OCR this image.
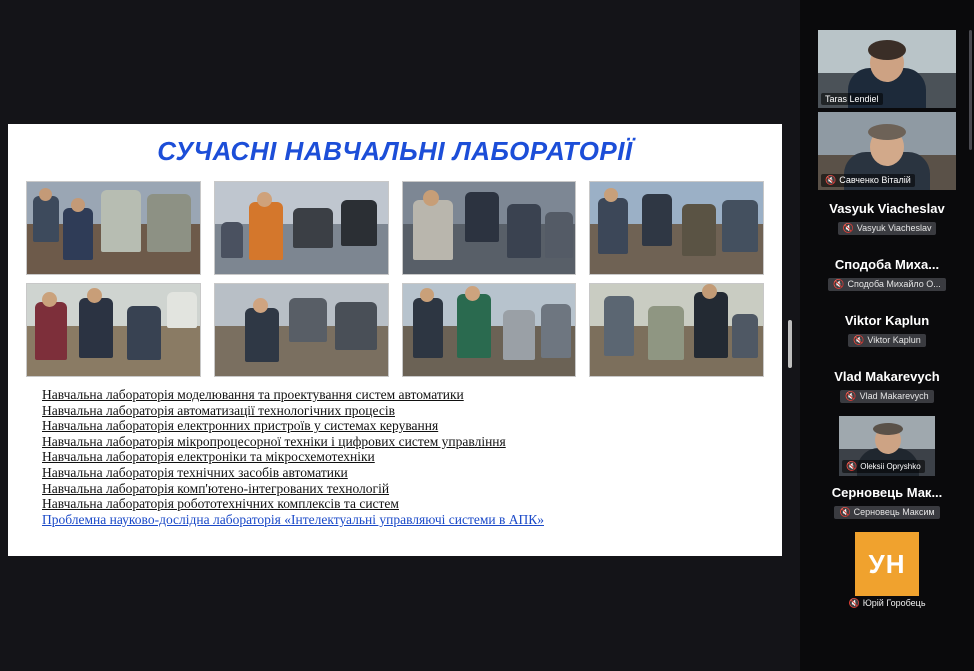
СУЧАСНІ НАВЧАЛЬНІ ЛАБОРАТОРІЇ
Навчальна лабораторія моделювання та проектування систем автоматики
Навчальна лабораторія автоматизації технологічних процесів
Навчальна лабораторія електронних пристроїв у системах керування
Навчальна лабораторія мікропроцесорної техніки і цифрових систем управління
Навчальна лабораторія електроніки та мікросхемотехніки
Навчальна лабораторія технічних засобів автоматики
Навчальна лабораторія комп'ютено-інтегрованих технологій
Навчальна лабораторія робототехнічних комплексів та систем
Проблемна науково-дослідна лабораторія «Інтелектуальні управляючі системи в АПК»
Taras Lendiel
🔇 Савченко Віталій
Vasyuk Viacheslav
🔇 Vasyuk Viacheslav
Сподоба Миха...
🔇 Сподоба Михайло О...
Viktor Kaplun
🔇 Viktor Kaplun
Vlad Makarevych
🔇 Vlad Makarevych
🔇 Oleksii Opryshko
Серновець Мак...
🔇 Серновець Максим
УН
🔇 Юрій Горобець
